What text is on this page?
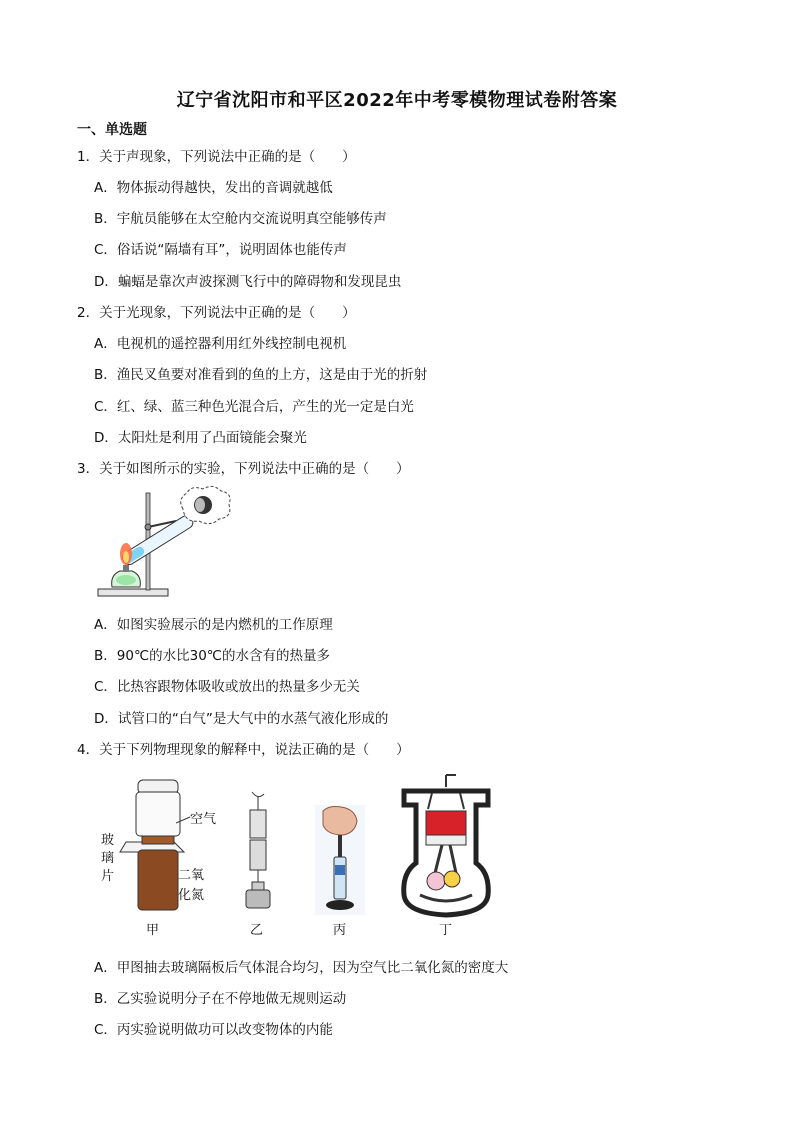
辽宁省沈阳市和平区2022年中考零模物理试卷附答案
一、单选题
1．关于声现象，下列说法中正确的是（　　）
A．物体振动得越快，发出的音调就越低
B．宇航员能够在太空舱内交流说明真空能够传声
C．俗话说“隔墙有耳”，说明固体也能传声
D．蝙蝠是靠次声波探测飞行中的障碍物和发现昆虫
2．关于光现象，下列说法中正确的是（　　）
A．电视机的遥控器利用红外线控制电视机
B．渔民叉鱼要对准看到的鱼的上方，这是由于光的折射
C．红、绿、蓝三种色光混合后，产生的光一定是白光
D．太阳灶是利用了凸面镜能会聚光
3．关于如图所示的实验，下列说法中正确的是（　　）
A．如图实验展示的是内燃机的工作原理
B．90℃的水比30℃的水含有的热量多
C．比热容跟物体吸收或放出的热量多少无关
D．试管口的“白气”是大气中的水蒸气液化形成的
4．关于下列物理现象的解释中，说法正确的是（　　）
玻
璃
片
空气
二氧
化氮
甲	乙	丙	丁
A．甲图抽去玻璃隔板后气体混合均匀，因为空气比二氧化氮的密度大
B．乙实验说明分子在不停地做无规则运动
C．丙实验说明做功可以改变物体的内能
